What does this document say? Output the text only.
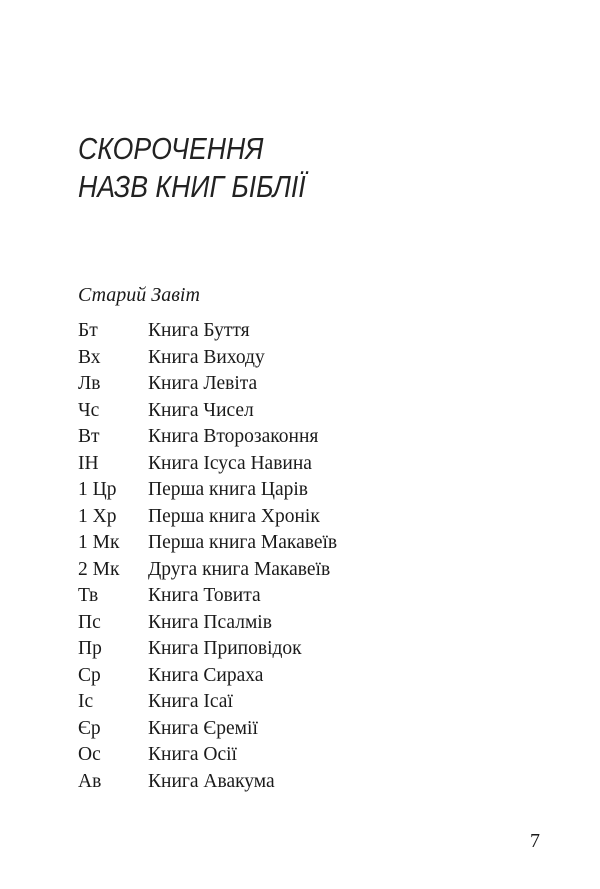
СКОРОЧЕННЯ
НАЗВ КНИГ БІБЛІЇ
Старий Завіт
Бт	Книга Буття
Вх Книга Виходу
Лв Книга Левіта
Чс Книга Чисел
Вт Книга Второзаконня
ІН	Книга Ісуса Навина
1 Цр Перша книга Царів
1 Хр Перша книга Хронік
1 Мк Перша книга Макавеїв
2 Мк Друга книга Макавеїв
Тв	Книга Товита
Пс Книга Псалмів
Пр Книга Приповідок
Ср Книга Сираха
Іс	Книга Ісаї
Єр Книга Єремії
Ос Книга Осії
Ав Книга Авакума
7
